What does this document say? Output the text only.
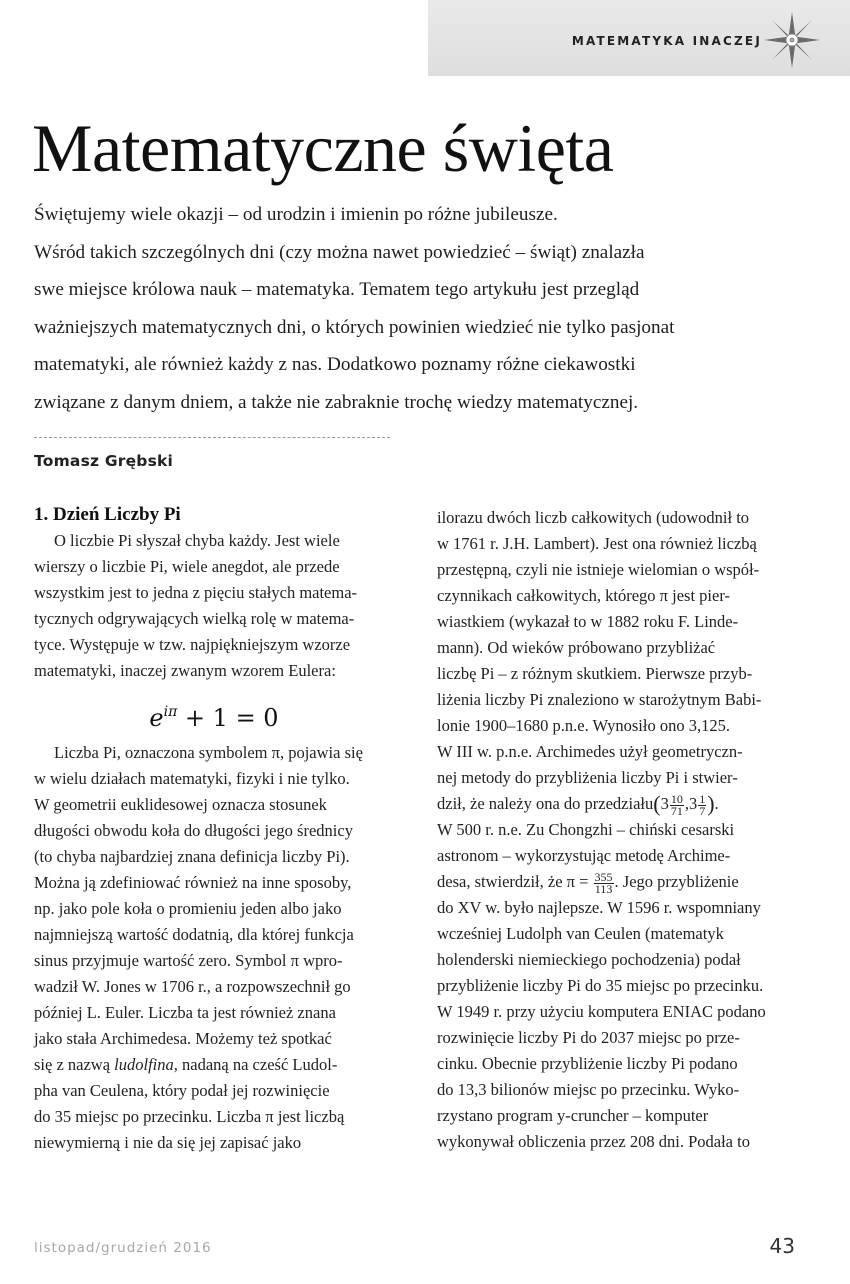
MATEMATYKA INACZEJ
Matematyczne święta
Świętujemy wiele okazji – od urodzin i imienin po różne jubileusze.
Wśród takich szczególnych dni (czy można nawet powiedzieć – świąt) znalazła
swe miejsce królowa nauk – matematyka. Tematem tego artykułu jest przegląd
ważniejszych matematycznych dni, o których powinien wiedzieć nie tylko pasjonat
matematyki, ale również każdy z nas. Dodatkowo poznamy różne ciekawostki
związane z danym dniem, a także nie zabraknie trochę wiedzy matematycznej.
Tomasz Grębski
1. Dzień Liczby Pi
O liczbie Pi słyszał chyba każdy. Jest wiele
wierszy o liczbie Pi, wiele anegdot, ale przede
wszystkim jest to jedna z pięciu stałych matema-
tycznych odgrywających wielką rolę w matema-
tyce. Występuje w tzw. najpiękniejszym wzorze
matematyki, inaczej zwanym wzorem Eulera:
$e^{i\pi} + 1 = 0$
Liczba Pi, oznaczona symbolem π, pojawia się
w wielu działach matematyki, fizyki i nie tylko.
W geometrii euklidesowej oznacza stosunek
długości obwodu koła do długości jego średnicy
(to chyba najbardziej znana definicja liczby Pi).
Można ją zdefiniować również na inne sposoby,
np. jako pole koła o promieniu jeden albo jako
najmniejszą wartość dodatnią, dla której funkcja
sinus przyjmuje wartość zero. Symbol π wpro-
wadził W. Jones w 1706 r., a rozpowszechnił go
później L. Euler. Liczba ta jest również znana
jako stała Archimedesa. Możemy też spotkać
się z nazwą ludolfina, nadaną na cześć Ludol-
pha van Ceulena, który podał jej rozwinięcie
do 35 miejsc po przecinku. Liczba π jest liczbą
niewymierną i nie da się jej zapisać jako
ilorazu dwóch liczb całkowitych (udowodnił to
w 1761 r. J.H. Lambert). Jest ona również liczbą
przestępną, czyli nie istnieje wielomian o współ-
czynnikach całkowitych, którego π jest pier-
wiastkiem (wykazał to w 1882 roku F. Linde-
mann). Od wieków próbowano przybliżać
liczbę Pi – z różnym skutkiem. Pierwsze przyb-
liżenia liczby Pi znaleziono w starożytnym Babi-
lonie 1900–1680 p.n.e. Wynosiło ono 3,125.
W III w. p.n.e. Archimedes użył geometryczn-
nej metody do przybliżenia liczby Pi i stwier-
dził, że należy ona do przedziału(3 $\frac{10}{71} ,3 \frac{1}{7}$ ).
W 500 r. n.e. Zu Chongzhi – chiński cesarski
astronom – wykorzystując metodę Archime-
desa, stwierdził, że $\pi = \frac{355}{113}$ . Jego przybliżenie
do XV w. było najlepsze. W 1596 r. wspomniany
wcześniej Ludolph van Ceulen (matematyk
holenderski niemieckiego pochodzenia) podał
przybliżenie liczby Pi do 35 miejsc po przecinku.
W 1949 r. przy użyciu komputera ENIAC podano
rozwinięcie liczby Pi do 2037 miejsc po prze-
cinku. Obecnie przybliżenie liczby Pi podano
do 13,3 bilionów miejsc po przecinku. Wyko-
rzystano program y-cruncher – komputer
wykonywał obliczenia przez 208 dni. Podała to
listopad/grudzień 2016	43
